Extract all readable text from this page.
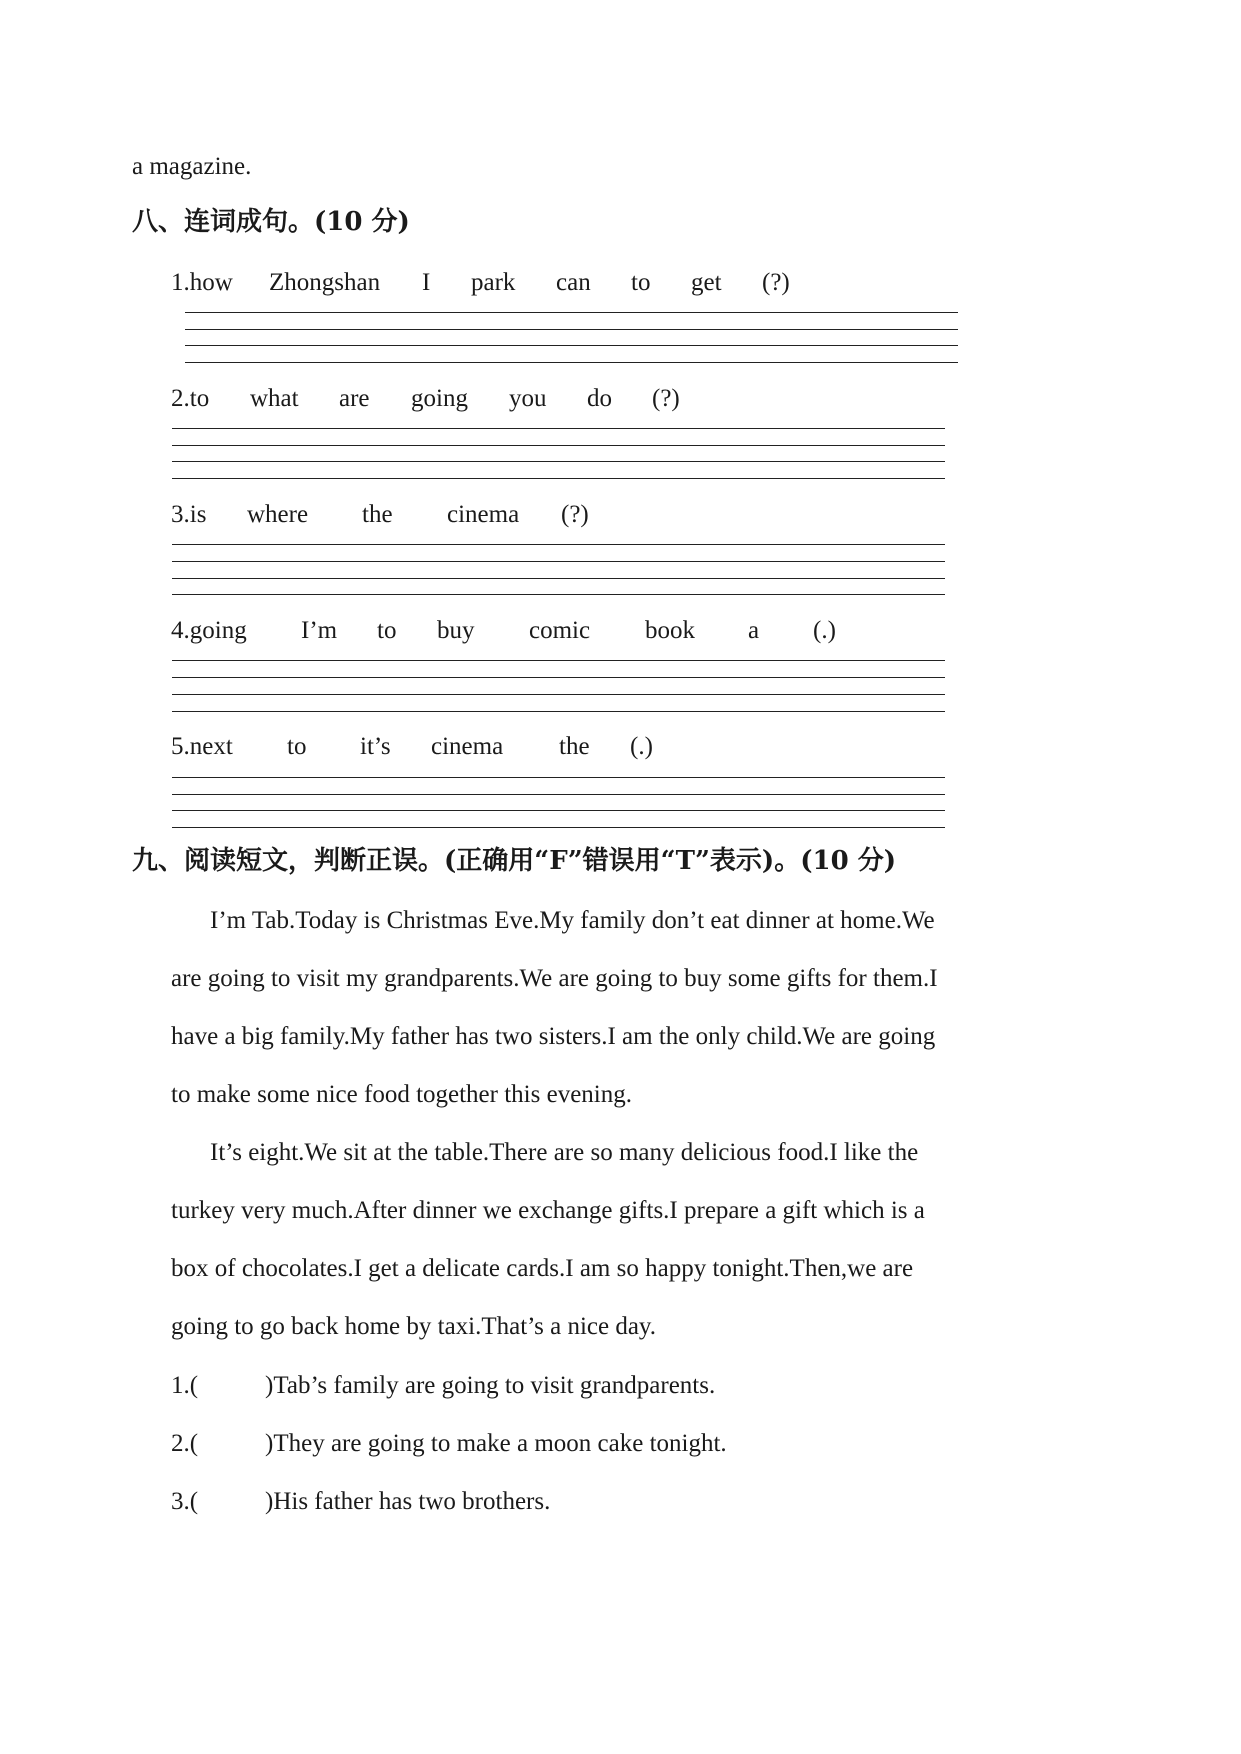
a magazine.
八、连词成句。(10 分)
1.how Zhongshan I park can to get (?)
2.to what are going you do (?)
3.is where the cinema (?)
4.going I’m to buy comic book a (.)
5.next to it’s cinema the (.)
九、阅读短文，判断正误。(正确用“F”错误用“T”表示)。(10 分)
I’m Tab.Today is Christmas Eve.My family don’t eat dinner at home.We
are going to visit my grandparents.We are going to buy some gifts for them.I
have a big family.My father has two sisters.I am the only child.We are going
to make some nice food together this evening.
It’s eight.We sit at the table.There are so many delicious food.I like the
turkey very much.After dinner we exchange gifts.I prepare a gift which is a
box of chocolates.I get a delicate cards.I am so happy tonight.Then,we are
going to go back home by taxi.That’s a nice day.
1.(	)Tab’s family are going to visit grandparents.
2.(	)They are going to make a moon cake tonight.
3.(	)His father has two brothers.
